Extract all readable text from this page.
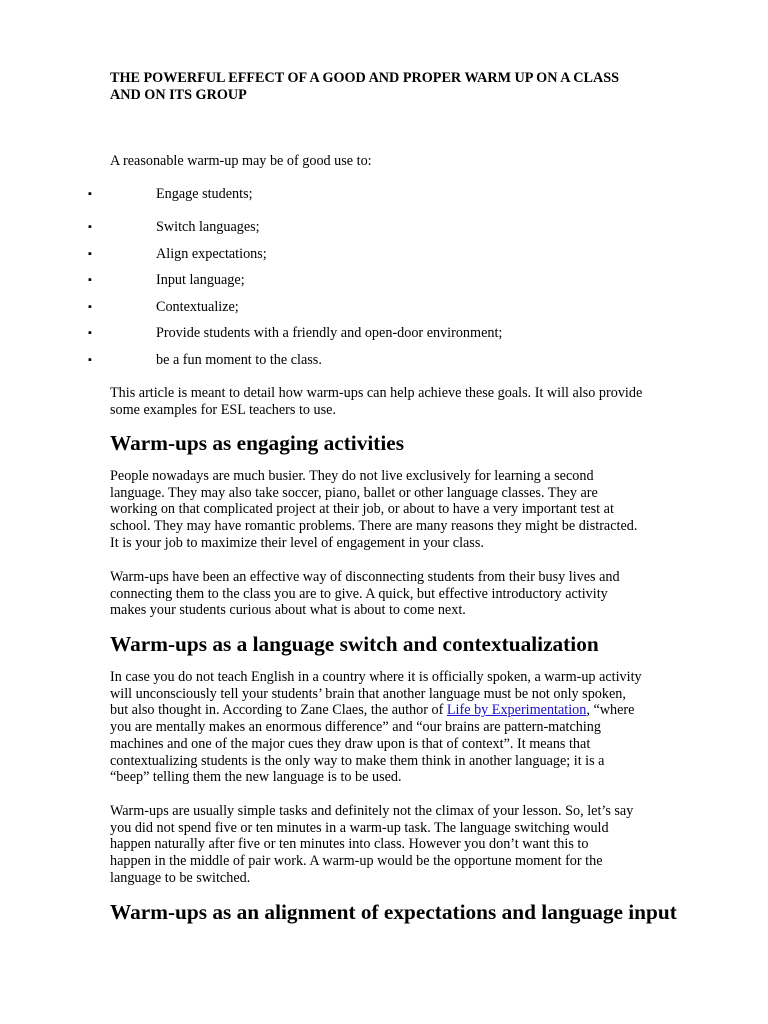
THE POWERFUL EFFECT OF A GOOD AND PROPER WARM UP ON A CLASS
AND ON ITS GROUP

A reasonable warm-up may be of good use to:

▪	Engage students;
▪	Switch languages;
▪	Align expectations;
▪	Input language;
▪	Contextualize;
▪	Provide students with a friendly and open-door environment;
▪	be a fun moment to the class.

This article is meant to detail how warm-ups can help achieve these goals. It will also provide
some examples for ESL teachers to use.

Warm-ups as engaging activities

People nowadays are much busier. They do not live exclusively for learning a second
language. They may also take soccer, piano, ballet or other language classes. They are
working on that complicated project at their job, or about to have a very important test at
school. They may have romantic problems. There are many reasons they might be distracted.
It is your job to maximize their level of engagement in your class.

Warm-ups have been an effective way of disconnecting students from their busy lives and
connecting them to the class you are to give. A quick, but effective introductory activity
makes your students curious about what is about to come next.

Warm-ups as a language switch and contextualization

In case you do not teach English in a country where it is officially spoken, a warm-up activity
will unconsciously tell your students’ brain that another language must be not only spoken,
but also thought in. According to Zane Claes, the author of Life by Experimentation, “where
you are mentally makes an enormous difference” and “our brains are pattern-matching
machines and one of the major cues they draw upon is that of context”. It means that
contextualizing students is the only way to make them think in another language; it is a
“beep” telling them the new language is to be used.

Warm-ups are usually simple tasks and definitely not the climax of your lesson. So, let’s say
you did not spend five or ten minutes in a warm-up task. The language switching would
happen naturally after five or ten minutes into class. However you don’t want this to
happen in the middle of pair work. A warm-up would be the opportune moment for the
language to be switched.

Warm-ups as an alignment of expectations and language input
